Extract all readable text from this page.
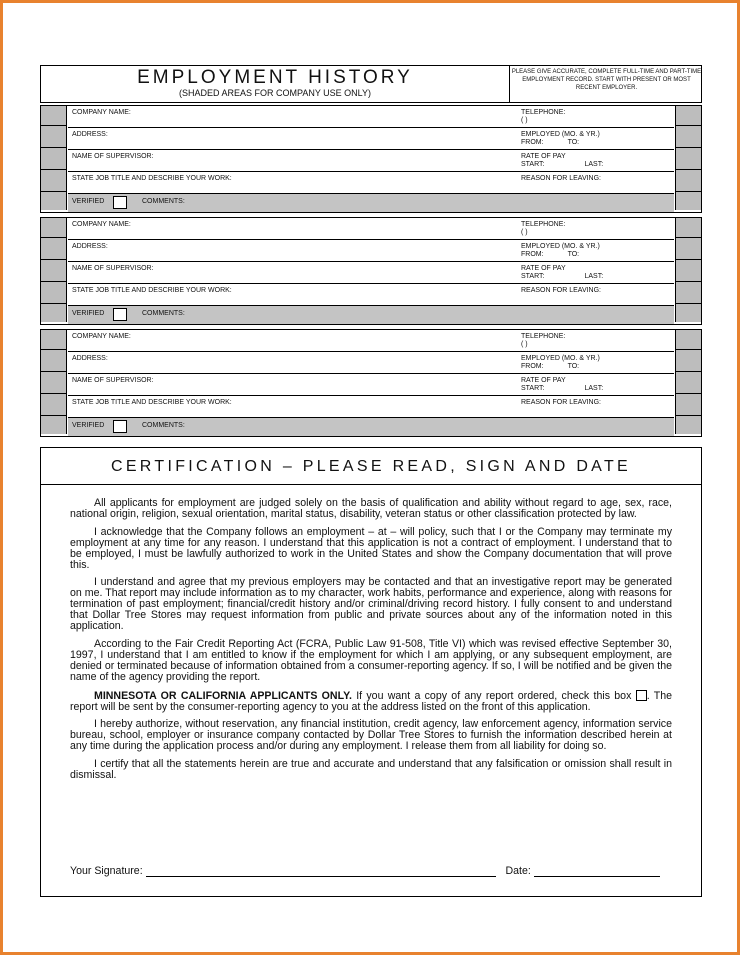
EMPLOYMENT HISTORY
(SHADED AREAS FOR COMPANY USE ONLY)
PLEASE GIVE ACCURATE, COMPLETE FULL-TIME AND PART-TIME EMPLOYMENT RECORD. START WITH PRESENT OR MOST RECENT EMPLOYER.
COMPANY NAME:	TELEPHONE:
( )
ADDRESS:	EMPLOYED (MO. & YR.)
FROM:	TO:
NAME OF SUPERVISOR:	RATE OF PAY
START:	LAST:
STATE JOB TITLE AND DESCRIBE YOUR WORK:	REASON FOR LEAVING:
VERIFIED	COMMENTS:
COMPANY NAME:	TELEPHONE:
( )
ADDRESS:	EMPLOYED (MO. & YR.)
FROM:	TO:
NAME OF SUPERVISOR:	RATE OF PAY
START:	LAST:
STATE JOB TITLE AND DESCRIBE YOUR WORK:	REASON FOR LEAVING:
VERIFIED	COMMENTS:
COMPANY NAME:	TELEPHONE:
( )
ADDRESS:	EMPLOYED (MO. & YR.)
FROM:	TO:
NAME OF SUPERVISOR:	RATE OF PAY
START:	LAST:
STATE JOB TITLE AND DESCRIBE YOUR WORK:	REASON FOR LEAVING:
VERIFIED	COMMENTS:
CERTIFICATION – PLEASE READ, SIGN AND DATE

All applicants for employment are judged solely on the basis of qualification and ability without regard to age, sex, race, national origin, religion, sexual orientation, marital status, disability, veteran status or other classification protected by law.

I acknowledge that the Company follows an employment – at – will policy, such that I or the Company may terminate my employment at any time for any reason. I understand that this application is not a contract of employment. I understand that to be employed, I must be lawfully authorized to work in the United States and show the Company documentation that will prove this.

I understand and agree that my previous employers may be contacted and that an investigative report may be generated on me. That report may include information as to my character, work habits, performance and experience, along with reasons for termination of past employment; financial/credit history and/or criminal/driving record history. I fully consent to and understand that Dollar Tree Stores may request information from public and private sources about any of the information noted in this application.

According to the Fair Credit Reporting Act (FCRA, Public Law 91-508, Title VI) which was revised effective September 30, 1997, I understand that I am entitled to know if the employment for which I am applying, or any subsequent employment, are denied or terminated because of information obtained from a consumer-reporting agency. If so, I will be notified and be given the name of the agency providing the report.

MINNESOTA OR CALIFORNIA APPLICANTS ONLY. If you want a copy of any report ordered, check this box . The report will be sent by the consumer-reporting agency to you at the address listed on the front of this application.

I hereby authorize, without reservation, any financial institution, credit agency, law enforcement agency, information service bureau, school, employer or insurance company contacted by Dollar Tree Stores to furnish the information described herein at any time during the application process and/or during any employment. I release them from all liability for doing so.

I certify that all the statements herein are true and accurate and understand that any falsification or omission shall result in dismissal.

Your Signature:	Date:
